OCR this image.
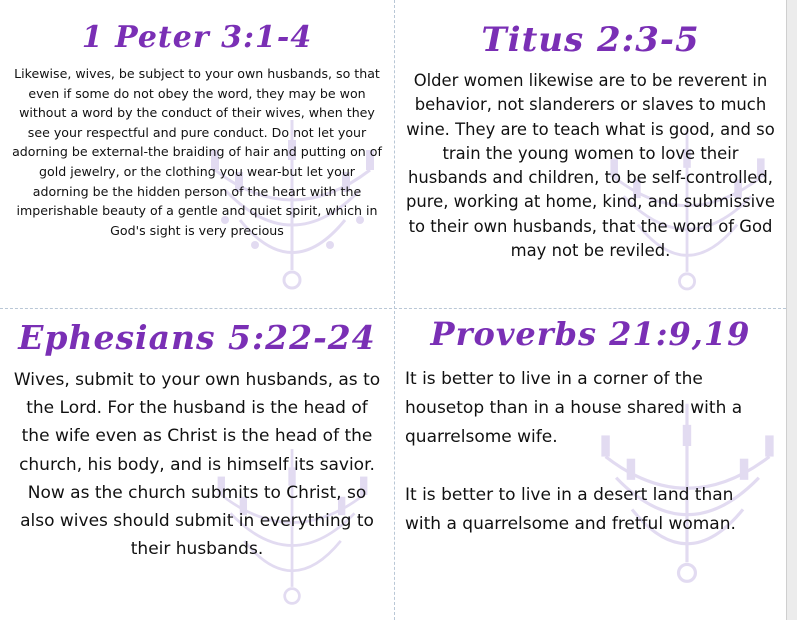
1 Peter 3:1-4

Likewise, wives, be subject to your own husbands, so that even if some do not obey the word, they may be won without a word by the conduct of their wives, when they see your respectful and pure conduct. Do not let your adorning be external-the braiding of hair and putting on of gold jewelry, or the clothing you wear-but let your adorning be the hidden person of the heart with the imperishable beauty of a gentle and quiet spirit, which in God's sight is very precious

Titus 2:3-5

Older women likewise are to be reverent in behavior, not slanderers or slaves to much wine. They are to teach what is good, and so train the young women to love their husbands and children, to be self-controlled, pure, working at home, kind, and submissive to their own husbands, that the word of God may not be reviled.

Ephesians 5:22-24

Wives, submit to your own husbands, as to the Lord. For the husband is the head of the wife even as Christ is the head of the church, his body, and is himself its savior. Now as the church submits to Christ, so also wives should submit in everything to their husbands.

Proverbs 21:9,19
It is better to live in a corner of the housetop than in a house shared with a quarrelsome wife.
It is better to live in a desert land than with a quarrelsome and fretful woman.
